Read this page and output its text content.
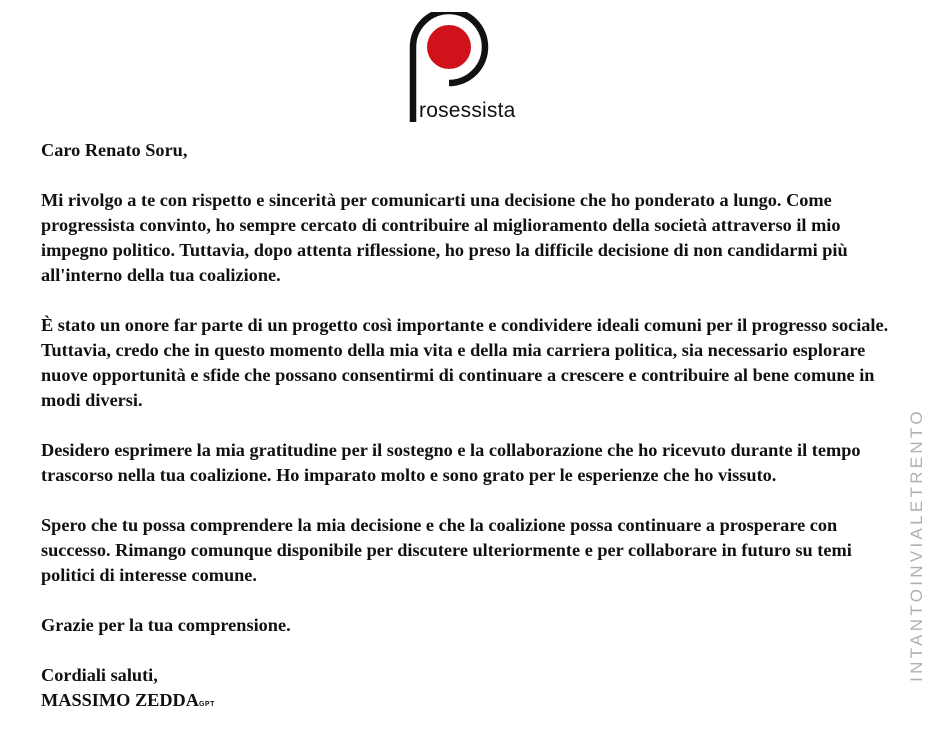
rosessista

Caro Renato Soru,

Mi rivolgo a te con rispetto e sincerità per comunicarti una decisione che ho ponderato a lungo. Come progressista convinto, ho sempre cercato di contribuire al miglioramento della società attraverso il mio impegno politico. Tuttavia, dopo attenta riflessione, ho preso la difficile decisione di non candidarmi più all'interno della tua coalizione.

È stato un onore far parte di un progetto così importante e condividere ideali comuni per il progresso sociale. Tuttavia, credo che in questo momento della mia vita e della mia carriera politica, sia necessario esplorare nuove opportunità e sfide che possano consentirmi di continuare a crescere e contribuire al bene comune in modi diversi.

Desidero esprimere la mia gratitudine per il sostegno e la collaborazione che ho ricevuto durante il tempo trascorso nella tua coalizione. Ho imparato molto e sono grato per le esperienze che ho vissuto.

Spero che tu possa comprendere la mia decisione e che la coalizione possa continuare a prosperare con successo. Rimango comunque disponibile per discutere ulteriormente e per collaborare in futuro su temi politici di interesse comune.

Grazie per la tua comprensione.

Cordiali saluti,

MASSIMO ZEDDAGPT

INTANTOINVIALETRENTO
